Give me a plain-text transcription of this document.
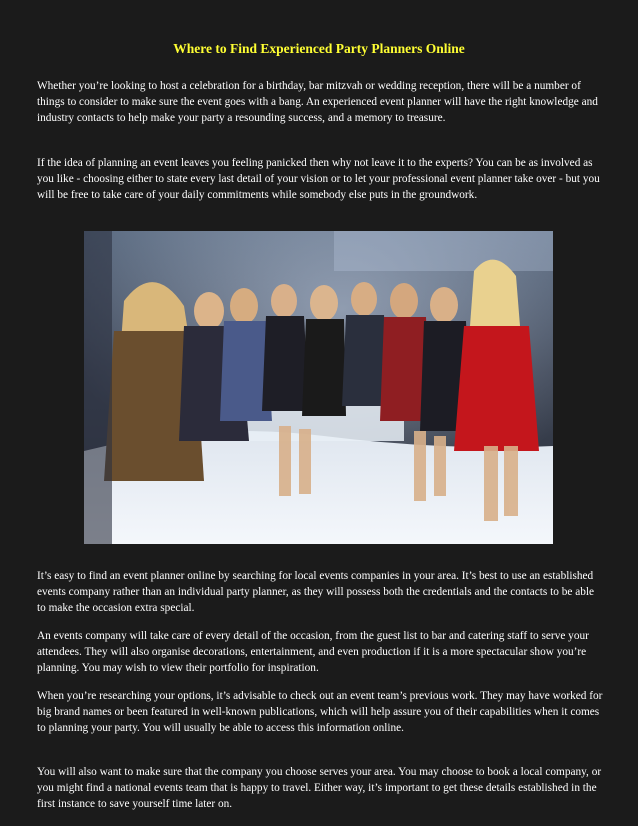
Where to Find Experienced Party Planners Online

Whether you’re looking to host a celebration for a birthday, bar mitzvah or wedding reception, there will be a number of things to consider to make sure the event goes with a bang. An experienced event planner will have the right knowledge and industry contacts to help make your party a resounding success, and a memory to treasure.

If the idea of planning an event leaves you feeling panicked then why not leave it to the experts? You can be as involved as you like - choosing either to state every last detail of your vision or to let your professional event planner take over - but you will be free to take care of your daily commitments while somebody else puts in the groundwork.

It’s easy to find an event planner online by searching for local events companies in your area. It’s best to use an established events company rather than an individual party planner, as they will possess both the credentials and the contacts to be able to make the occasion extra special.

An events company will take care of every detail of the occasion, from the guest list to bar and catering staff to serve your attendees. They will also organise decorations, entertainment, and even production if it is a more spectacular show you’re planning. You may wish to view their portfolio for inspiration.

When you’re researching your options, it’s advisable to check out an event team’s previous work. They may have worked for big brand names or been featured in well-known publications, which will help assure you of their capabilities when it comes to planning your party. You will usually be able to access this information online.

You will also want to make sure that the company you choose serves your area. You may choose to book a local company, or you might find a national events team that is happy to travel. Either way, it’s important to get these details established in the first instance to save yourself time later on.
